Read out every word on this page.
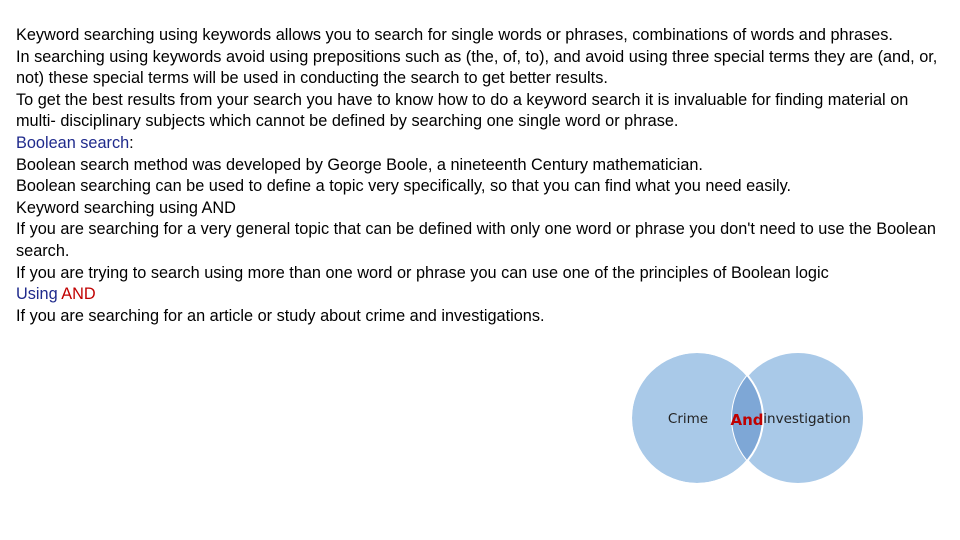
Keyword searching using keywords allows you to search for single words or phrases, combinations of words and phrases.

In searching using keywords avoid using prepositions such as (the, of, to), and avoid using three special terms they are (and, or, not) these special terms will be used in conducting the search to get better results.

To get the best results from your search you have to know how to do a keyword search it is invaluable for finding material on multi- disciplinary subjects which cannot be defined by searching one single word or phrase.

Boolean search:

Boolean search method was developed by George Boole, a nineteenth Century mathematician.

Boolean searching can be used to define a topic very specifically, so that you can find what you need easily.

Keyword searching using AND

If you are searching for a very general topic that can be defined with only one word or phrase you don't need to use the Boolean search.

If you are trying to search using more than one word or phrase you can use one of the principles of Boolean logic

Using AND

If you are searching for an article or study about crime and investigations.

Crime And investigation
